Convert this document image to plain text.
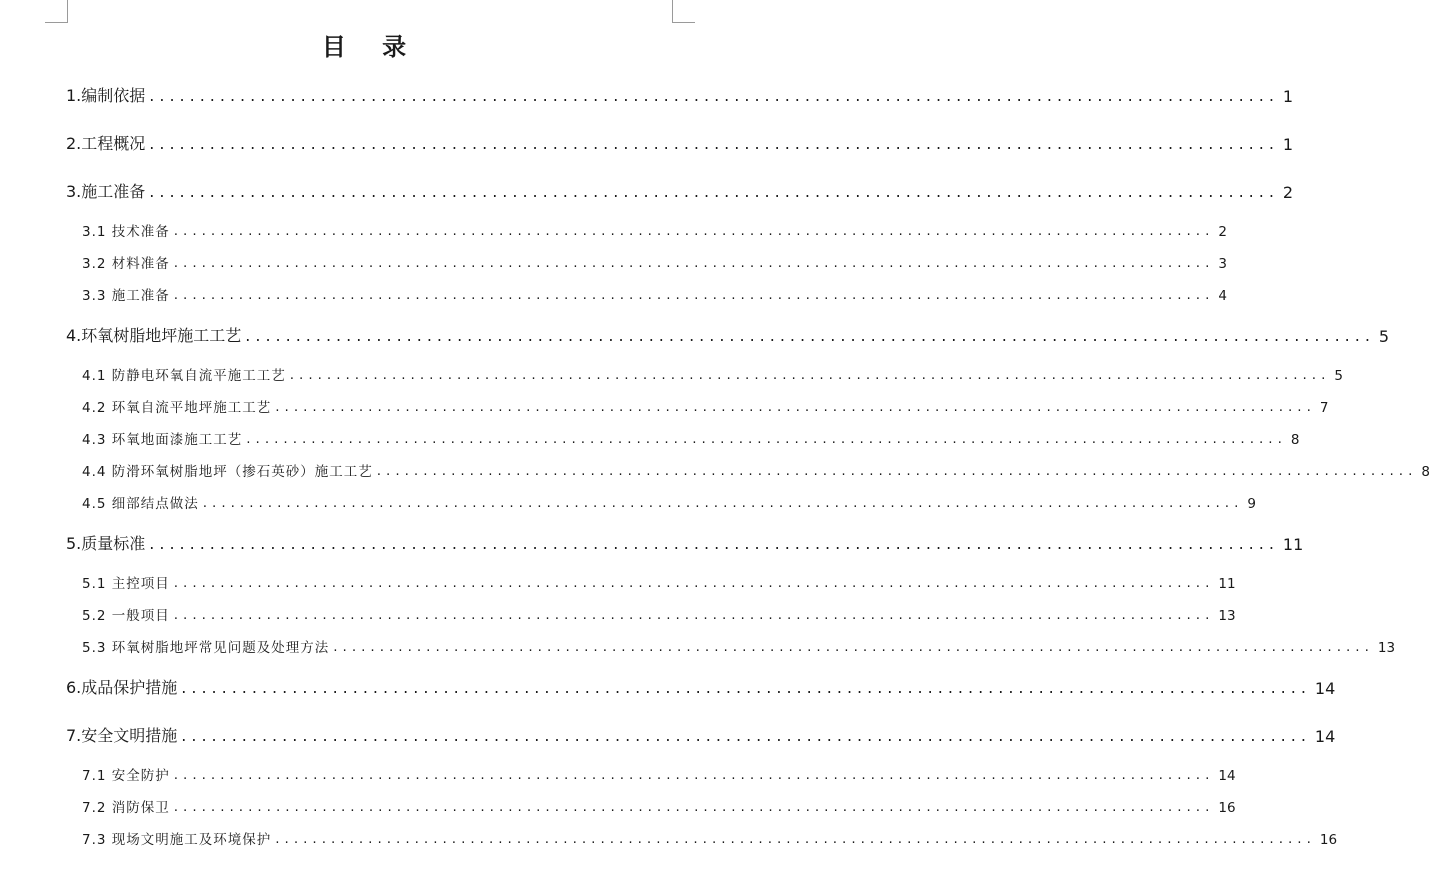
目 录
1.编制依据 ................................................................................................................ 1
2.工程概况 ................................................................................................................ 1
3.施工准备 ................................................................................................................ 2
3.1 技术准备 ................................................................................................................ 2
3.2 材料准备 ................................................................................................................ 3
3.3 施工准备 ................................................................................................................ 4
4.环氧树脂地坪施工工艺 ................................................................................................................ 5
4.1 防静电环氧自流平施工工艺 ................................................................................................................ 5
4.2 环氧自流平地坪施工工艺 ................................................................................................................ 7
4.3 环氧地面漆施工工艺 ................................................................................................................ 8
4.4 防滑环氧树脂地坪（掺石英砂）施工工艺 ................................................................................................................ 8
4.5 细部结点做法 ................................................................................................................ 9
5.质量标准 ................................................................................................................ 11
5.1 主控项目 ................................................................................................................ 11
5.2 一般项目 ................................................................................................................ 13
5.3 环氧树脂地坪常见问题及处理方法 ................................................................................................................ 13
6.成品保护措施 ................................................................................................................ 14
7.安全文明措施 ................................................................................................................ 14
7.1 安全防护 ................................................................................................................ 14
7.2 消防保卫 ................................................................................................................ 16
7.3 现场文明施工及环境保护 ................................................................................................................ 16
